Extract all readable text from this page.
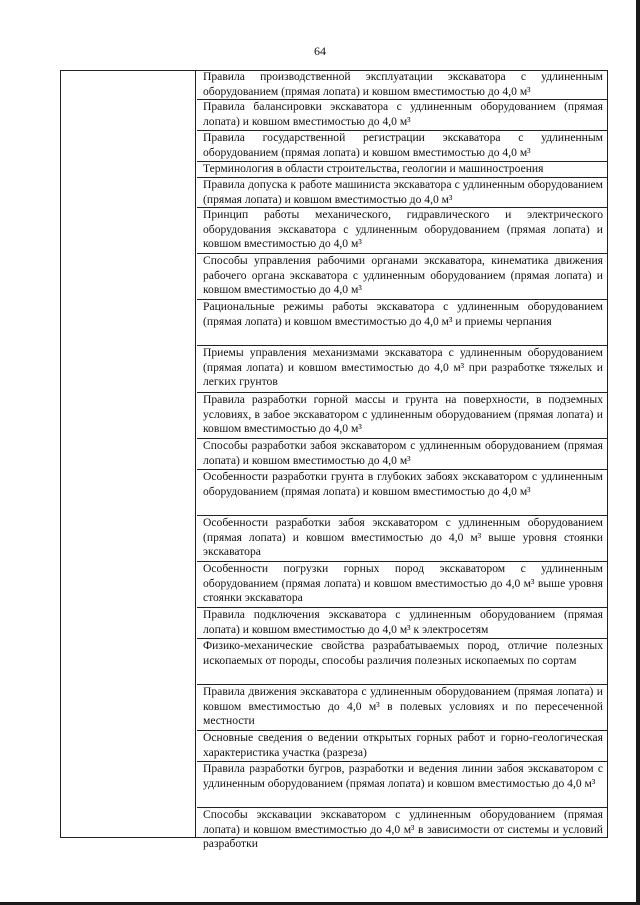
64
Правила производственной эксплуатации экскаватора с удлиненным оборудованием (прямая лопата) и ковшом вместимостью до 4,0 м³
Правила балансировки экскаватора с удлиненным оборудованием (прямая лопата) и ковшом вместимостью до 4,0 м³
Правила государственной регистрации экскаватора с удлиненным оборудованием (прямая лопата) и ковшом вместимостью до 4,0 м³
Терминология в области строительства, геологии и машиностроения
Правила допуска к работе машиниста экскаватора с удлиненным оборудованием (прямая лопата) и ковшом вместимостью до 4,0 м³
Принцип работы механического, гидравлического и электрического оборудования экскаватора с удлиненным оборудованием (прямая лопата) и ковшом вместимостью до 4,0 м³
Способы управления рабочими органами экскаватора, кинематика движения рабочего органа экскаватора с удлиненным оборудованием (прямая лопата) и ковшом вместимостью до 4,0 м³
Рациональные режимы работы экскаватора с удлиненным оборудованием (прямая лопата) и ковшом вместимостью до 4,0 м³ и приемы черпания
Приемы управления механизмами экскаватора с удлиненным оборудованием (прямая лопата) и ковшом вместимостью до 4,0 м³ при разработке тяжелых и легких грунтов
Правила разработки горной массы и грунта на поверхности, в подземных условиях, в забое экскаватором с удлиненным оборудованием (прямая лопата) и ковшом вместимостью до 4,0 м³
Способы разработки забоя экскаватором с удлиненным оборудованием (прямая лопата) и ковшом вместимостью до 4,0 м³
Особенности разработки грунта в глубоких забоях экскаватором с удлиненным оборудованием (прямая лопата) и ковшом вместимостью до 4,0 м³
Особенности разработки забоя экскаватором с удлиненным оборудованием (прямая лопата) и ковшом вместимостью до 4,0 м³ выше уровня стоянки экскаватора
Особенности погрузки горных пород экскаватором с удлиненным оборудованием (прямая лопата) и ковшом вместимостью до 4,0 м³ выше уровня стоянки экскаватора
Правила подключения экскаватора с удлиненным оборудованием (прямая лопата) и ковшом вместимостью до 4,0 м³ к электросетям
Физико-механические свойства разрабатываемых пород, отличие полезных ископаемых от породы, способы различия полезных ископаемых по сортам
Правила движения экскаватора с удлиненным оборудованием (прямая лопата) и ковшом вместимостью до 4,0 м³ в полевых условиях и по пересеченной местности
Основные сведения о ведении открытых горных работ и горно-геологическая характеристика участка (разреза)
Правила разработки бугров, разработки и ведения линии забоя экскаватором с удлиненным оборудованием (прямая лопата) и ковшом вместимостью до 4,0 м³
Способы экскавации экскаватором с удлиненным оборудованием (прямая лопата) и ковшом вместимостью до 4,0 м³ в зависимости от системы и условий разработки
